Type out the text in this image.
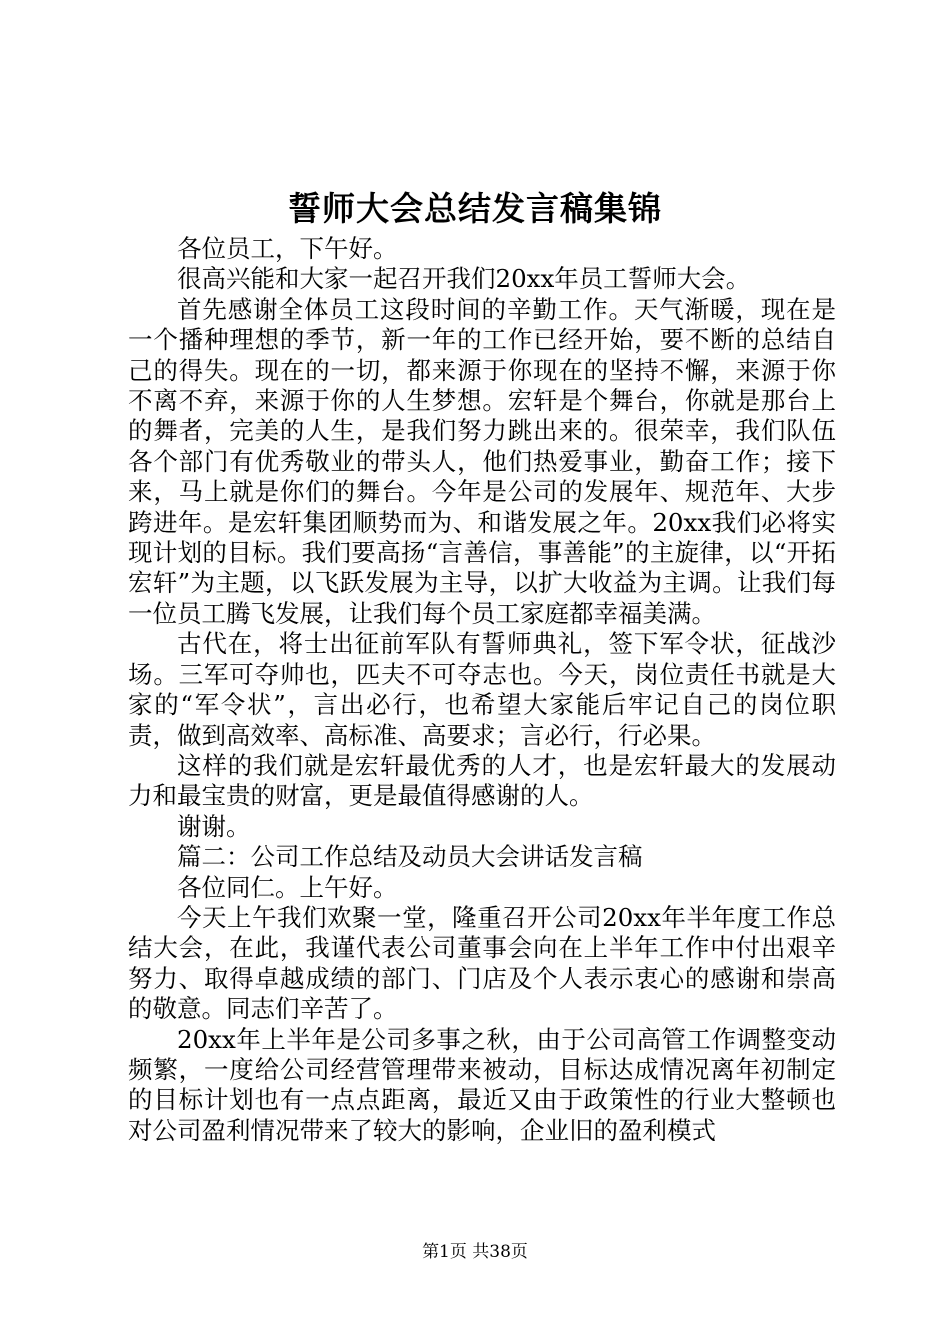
誓师大会总结发言稿集锦

各位员工，下午好。

很高兴能和大家一起召开我们20xx年员工誓师大会。

首先感谢全体员工这段时间的辛勤工作。天气渐暖，现在是一个播种理想的季节，新一年的工作已经开始，要不断的总结自己的得失。现在的一切，都来源于你现在的坚持不懈，来源于你不离不弃，来源于你的人生梦想。宏轩是个舞台，你就是那台上的舞者，完美的人生，是我们努力跳出来的。很荣幸，我们队伍各个部门有优秀敬业的带头人，他们热爱事业，勤奋工作；接下来，马上就是你们的舞台。今年是公司的发展年、规范年、大步跨进年。是宏轩集团顺势而为、和谐发展之年。20xx我们必将实现计划的目标。我们要高扬“言善信，事善能”的主旋律，以“开拓宏轩”为主题，以飞跃发展为主导，以扩大收益为主调。让我们每一位员工腾飞发展，让我们每个员工家庭都幸福美满。

古代在，将士出征前军队有誓师典礼，签下军令状，征战沙场。三军可夺帅也，匹夫不可夺志也。今天，岗位责任书就是大家的“军令状”，言出必行，也希望大家能后牢记自己的岗位职责，做到高效率、高标准、高要求；言必行，行必果。

这样的我们就是宏轩最优秀的人才，也是宏轩最大的发展动力和最宝贵的财富，更是最值得感谢的人。

谢谢。

篇二：公司工作总结及动员大会讲话发言稿

各位同仁。上午好。

今天上午我们欢聚一堂，隆重召开公司20xx年半年度工作总结大会，在此，我谨代表公司董事会向在上半年工作中付出艰辛努力、取得卓越成绩的部门、门店及个人表示衷心的感谢和崇高的敬意。同志们辛苦了。

20xx年上半年是公司多事之秋，由于公司高管工作调整变动频繁，一度给公司经营管理带来被动，目标达成情况离年初制定的目标计划也有一点点距离，最近又由于政策性的行业大整顿也对公司盈利情况带来了较大的影响，企业旧的盈利模式

第1页 共38页
